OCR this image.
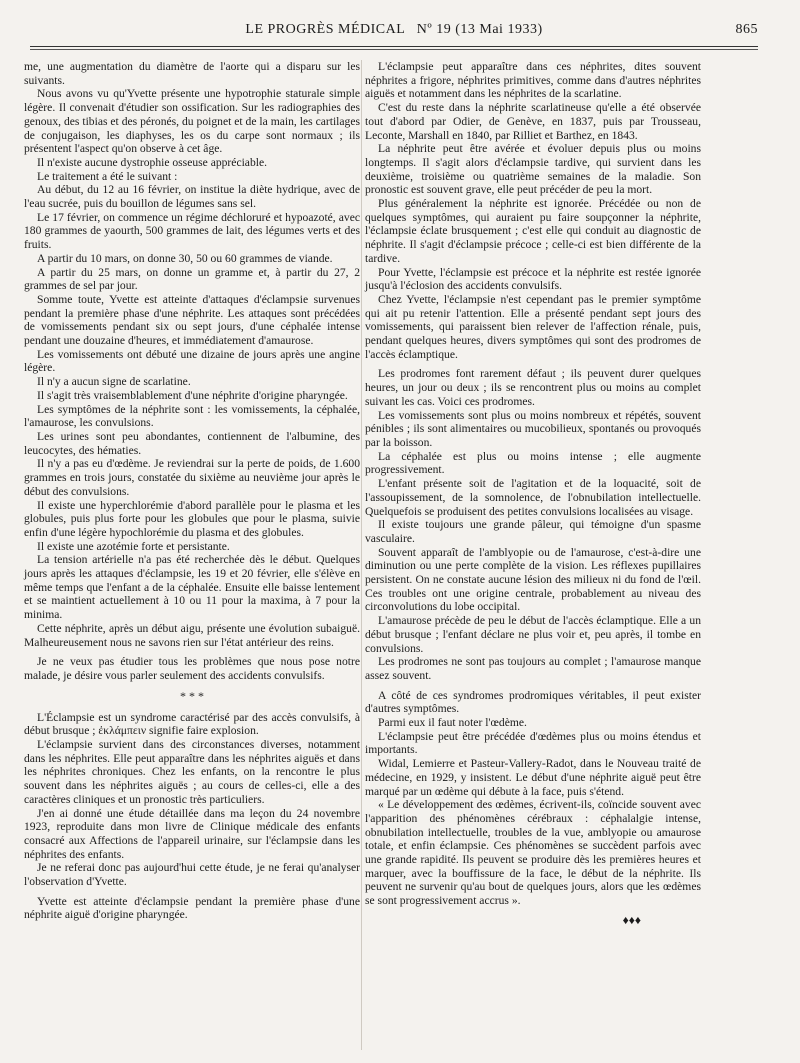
LE PROGRÈS MÉDICAL Nº 19 (13 Mai 1933)	865

me, une augmentation du diamètre de l'aorte qui a disparu sur les suivants.

Nous avons vu qu'Yvette présente une hypotrophie staturale simple légère. Il convenait d'étudier son ossification. Sur les radiographies des genoux, des tibias et des péronés, du poignet et de la main, les cartilages de conjugaison, les diaphyses, les os du carpe sont normaux ; ils présentent l'aspect qu'on observe à cet âge.

Il n'existe aucune dystrophie osseuse appréciable.

Le traitement a été le suivant :

Au début, du 12 au 16 février, on institue la diète hydrique, avec de l'eau sucrée, puis du bouillon de légumes sans sel.

Le 17 février, on commence un régime déchloruré et hypoazoté, avec 180 grammes de yaourth, 500 grammes de lait, des légumes verts et des fruits.

A partir du 10 mars, on donne 30, 50 ou 60 grammes de viande.

A partir du 25 mars, on donne un gramme et, à partir du 27, 2 grammes de sel par jour.

Somme toute, Yvette est atteinte d'attaques d'éclampsie survenues pendant la première phase d'une néphrite. Les attaques sont précédées de vomissements pendant six ou sept jours, d'une céphalée intense pendant une douzaine d'heures, et immédiatement d'amaurose.

Les vomissements ont débuté une dizaine de jours après une angine légère.

Il n'y a aucun signe de scarlatine.

Il s'agit très vraisemblablement d'une néphrite d'origine pharyngée.

Les symptômes de la néphrite sont : les vomissements, la céphalée, l'amaurose, les convulsions.

Les urines sont peu abondantes, contiennent de l'albumine, des leucocytes, des hématies.

Il n'y a pas eu d'œdème. Je reviendrai sur la perte de poids, de 1.600 grammes en trois jours, constatée du sixième au neuvième jour après le début des convulsions.

Il existe une hyperchlorémie d'abord parallèle pour le plasma et les globules, puis plus forte pour les globules que pour le plasma, suivie enfin d'une légère hypochlorémie du plasma et des globules.

Il existe une azotémie forte et persistante.

La tension artérielle n'a pas été recherchée dès le début. Quelques jours après les attaques d'éclampsie, les 19 et 20 février, elle s'élève en même temps que l'enfant a de la céphalée. Ensuite elle baisse lentement et se maintient actuellement à 10 ou 11 pour la maxima, à 7 pour la minima.

Cette néphrite, après un début aigu, présente une évolution subaiguë. Malheureusement nous ne savons rien sur l'état antérieur des reins.

Je ne veux pas étudier tous les problèmes que nous pose notre malade, je désire vous parler seulement des accidents convulsifs.

* * *

L'Éclampsie est un syndrome caractérisé par des accès convulsifs, à début brusque ; ἐκλάμπειν signifie faire explosion.

L'éclampsie survient dans des circonstances diverses, notamment dans les néphrites. Elle peut apparaître dans les néphrites aiguës et dans les néphrites chroniques. Chez les enfants, on la rencontre le plus souvent dans les néphrites aiguës ; au cours de celles-ci, elle a des caractères cliniques et un pronostic très particuliers.

J'en ai donné une étude détaillée dans ma leçon du 24 novembre 1923, reproduite dans mon livre de Clinique médicale des enfants consacré aux Affections de l'appareil urinaire, sur l'éclampsie dans les néphrites des enfants.

Je ne referai donc pas aujourd'hui cette étude, je ne ferai qu'analyser l'observation d'Yvette.

Yvette est atteinte d'éclampsie pendant la première phase d'une néphrite aiguë d'origine pharyngée.

L'éclampsie peut apparaître dans ces néphrites, dites souvent néphrites a frigore, néphrites primitives, comme dans d'autres néphrites aiguës et notamment dans les néphrites de la scarlatine.

C'est du reste dans la néphrite scarlatineuse qu'elle a été observée tout d'abord par Odier, de Genève, en 1837, puis par Trousseau, Leconte, Marshall en 1840, par Rilliet et Barthez, en 1843.

La néphrite peut être avérée et évoluer depuis plus ou moins longtemps. Il s'agit alors d'éclampsie tardive, qui survient dans les deuxième, troisième ou quatrième semaines de la maladie. Son pronostic est souvent grave, elle peut précéder de peu la mort.

Plus généralement la néphrite est ignorée. Précédée ou non de quelques symptômes, qui auraient pu faire soupçonner la néphrite, l'éclampsie éclate brusquement ; c'est elle qui conduit au diagnostic de néphrite. Il s'agit d'éclampsie précoce ; celle-ci est bien différente de la tardive.

Pour Yvette, l'éclampsie est précoce et la néphrite est restée ignorée jusqu'à l'éclosion des accidents convulsifs.

Chez Yvette, l'éclampsie n'est cependant pas le premier symptôme qui ait pu retenir l'attention. Elle a présenté pendant sept jours des vomissements, qui paraissent bien relever de l'affection rénale, puis, pendant quelques heures, divers symptômes qui sont des prodromes de l'accès éclamptique.

Les prodromes font rarement défaut ; ils peuvent durer quelques heures, un jour ou deux ; ils se rencontrent plus ou moins au complet suivant les cas. Voici ces prodromes.

Les vomissements sont plus ou moins nombreux et répétés, souvent pénibles ; ils sont alimentaires ou mucobilieux, spontanés ou provoqués par la boisson.

La céphalée est plus ou moins intense ; elle augmente progressivement.

L'enfant présente soit de l'agitation et de la loquacité, soit de l'assoupissement, de la somnolence, de l'obnubilation intellectuelle. Quelquefois se produisent des petites convulsions localisées au visage.

Il existe toujours une grande pâleur, qui témoigne d'un spasme vasculaire.

Souvent apparaît de l'amblyopie ou de l'amaurose, c'est-à-dire une diminution ou une perte complète de la vision. Les réflexes pupillaires persistent. On ne constate aucune lésion des milieux ni du fond de l'œil. Ces troubles ont une origine centrale, probablement au niveau des circonvolutions du lobe occipital.

L'amaurose précède de peu le début de l'accès éclamptique. Elle a un début brusque ; l'enfant déclare ne plus voir et, peu après, il tombe en convulsions.

Les prodromes ne sont pas toujours au complet ; l'amaurose manque assez souvent.

A côté de ces syndromes prodromiques véritables, il peut exister d'autres symptômes.

Parmi eux il faut noter l'œdème.

L'éclampsie peut être précédée d'œdèmes plus ou moins étendus et importants.

Widal, Lemierre et Pasteur-Vallery-Radot, dans le Nouveau traité de médecine, en 1929, y insistent. Le début d'une néphrite aiguë peut être marqué par un œdème qui débute à la face, puis s'étend.

« Le développement des œdèmes, écrivent-ils, coïncide souvent avec l'apparition des phénomènes cérébraux : céphalalgie intense, obnubilation intellectuelle, troubles de la vue, amblyopie ou amaurose totale, et enfin éclampsie. Ces phénomènes se succèdent parfois avec une grande rapidité. Ils peuvent se produire dès les premières heures et marquer, avec la bouffissure de la face, le début de la néphrite. Ils peuvent ne survenir qu'au bout de quelques jours, alors que les œdèmes se sont progressivement accrus ».

♦♦♦
